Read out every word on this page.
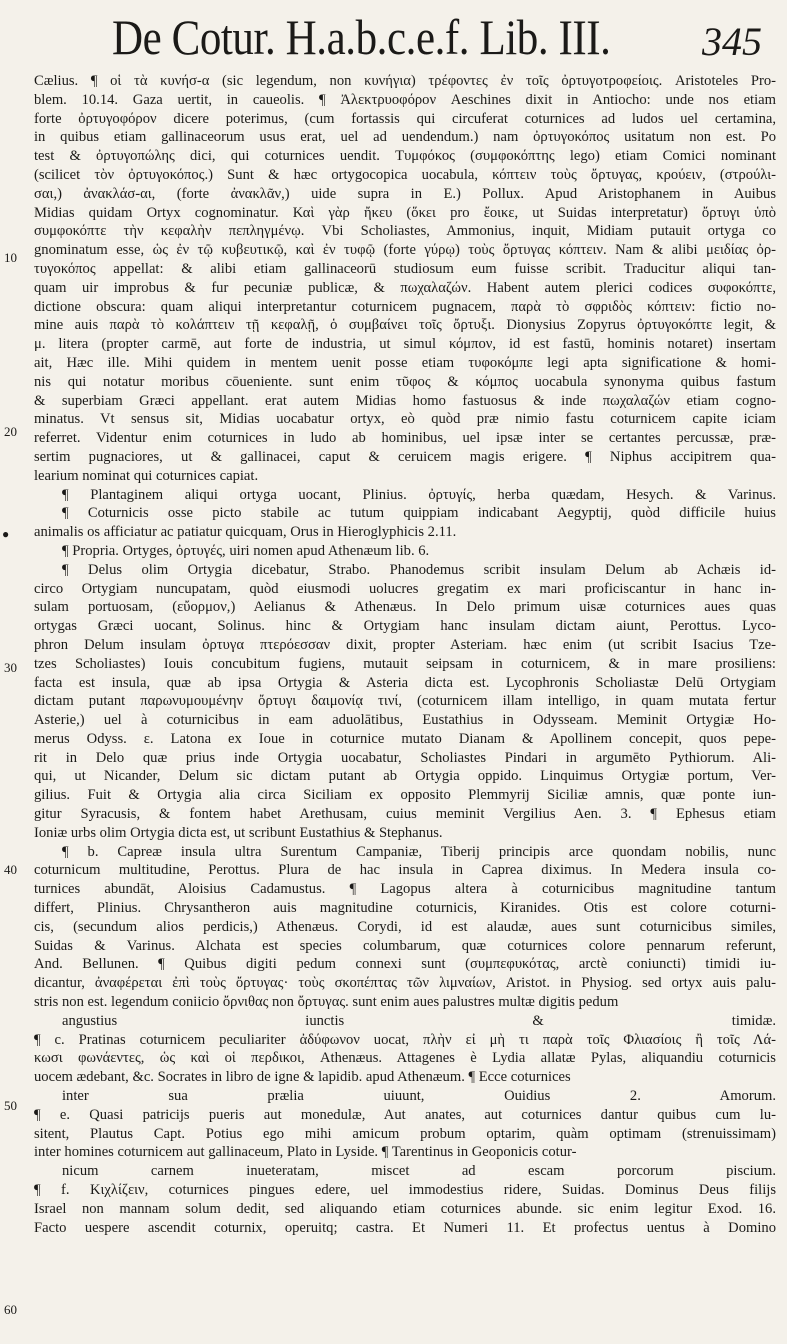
De Cotur. H.a.b.c.e.f. Lib. III. 345
10
20
30
40
50
60
●
Cælius. ¶ οἱ τὰ κυνήσ-α (sic legendum, non κυνήγια) τρέφοντες ἐν τοῖς ὀρτυγοτροφείοις. Aristoteles Pro-
blem. 10.14. Gaza uertit, in caueolis. ¶ Ἀλεκτρυοφόρον Aeschines dixit in Antiocho: unde nos etiam
forte ὀρτυγοφόρον dicere poterimus, (cum fortassis qui circuferat coturnices ad ludos uel certamina,
in quibus etiam gallinaceorum usus erat, uel ad uendendum.) nam ὀρτυγοκόπος usitatum non est. Po
test & ὀρτυγοπώλης dici, qui coturnices uendit. Τυμφόκος (συμφοκόπτης lego) etiam Comici nominant
(scilicet τὸν ὀρτυγοκόπος.) Sunt & hæc ortygocopica uocabula, κόπτειν τοὺς ὄρτυγας, κρούειν, (στρούλι-
σαι,) ἀνακλάσ-αι, (forte ἀνακλᾶν,) uide supra in E.) Pollux. Apud Aristophanem in Auibus
Midias quidam Ortyx cognominatur. Καὶ γὰρ ἤκευ (ὅκει pro ἔοικε, ut Suidas interpretatur) ὄρτυγι ὑπὸ
συμφοκόπτε τὴν κεφαλὴν πεπληγμένῳ. Vbi Scholiastes, Ammonius, inquit, Midiam putauit ortyga co
gnominatum esse, ὡς ἐν τῷ κυβευτικῷ, καὶ ἐν τυφῷ (forte γύρῳ) τοὺς ὄρτυγας κόπτειν. Nam & alibi μειδίας ὀρ-
τυγοκόπος appellat: & alibi etiam gallinaceorū studiosum eum fuisse scribit. Traducitur aliqui tan-
quam uir improbus & fur pecuniæ publicæ, & πωχαλαζών. Habent autem plerici codices συφοκόπτε,
dictione obscura: quam aliqui interpretantur coturnicem pugnacem, παρὰ τὸ σφριδὸς κόπτειν: fictio no-
mine auis παρὰ τὸ κολάπτειν τῇ κεφαλῇ, ὁ συμβαίνει τοῖς ὄρτυξι. Dionysius Zopyrus ὀρτυγοκόπτε legit, &
μ. litera (propter carmē, aut forte de industria, ut simul κόμπον, id est fastū, hominis notaret) insertam
ait, Hæc ille. Mihi quidem in mentem uenit posse etiam τυφοκόμπε legi apta significatione & homi-
nis qui notatur moribus cōueniente. sunt enim τῦφος & κόμπος uocabula synonyma quibus fastum
& superbiam Græci appellant. erat autem Midias homo fastuosus & inde πωχαλαζών etiam cogno-
minatus. Vt sensus sit, Midias uocabatur ortyx, eò quòd præ nimio fastu coturnicem capite iciam
referret. Videntur enim coturnices in ludo ab hominibus, uel ipsæ inter se certantes percussæ, præ-
sertim pugnaciores, ut & gallinacei, caput & ceruicem magis erigere. ¶ Niphus accipitrem qua-
learium nominat qui coturnices capiat.
¶ Plantaginem aliqui ortyga uocant, Plinius. ὀρτυγίς, herba quædam, Hesych. & Varinus.
¶ Coturnicis osse picto stabile ac tutum quippiam indicabant Aegyptij, quòd difficile huius
animalis os afficiatur ac patiatur quicquam, Orus in Hieroglyphicis 2.11.
¶ Propria. Ortyges, ὀρτυγές, uiri nomen apud Athenæum lib. 6.
¶ Delus olim Ortygia dicebatur, Strabo. Phanodemus scribit insulam Delum ab Achæis id-
circo Ortygiam nuncupatam, quòd eiusmodi uolucres gregatim ex mari proficiscantur in hanc in-
sulam portuosam, (εὔορμον,) Aelianus & Athenæus. In Delo primum uisæ coturnices aues quas
ortygas Græci uocant, Solinus. hinc & Ortygiam hanc insulam dictam aiunt, Perottus. Lyco-
phron Delum insulam ὀρτυγα πτερόεσσαν dixit, propter Asteriam. hæc enim (ut scribit Isacius Tze-
tzes Scholiastes) Iouis concubitum fugiens, mutauit seipsam in coturnicem, & in mare prosiliens:
facta est insula, quæ ab ipsa Ortygia & Asteria dicta est. Lycophronis Scholiastæ Delū Ortygiam
dictam putant παρωνυμουμένην ὄρτυγι δαιμονίᾳ τινί, (coturnicem illam intelligo, in quam mutata fertur
Asterie,) uel à coturnicibus in eam aduolātibus, Eustathius in Odysseam. Meminit Ortygiæ Ho-
merus Odyss. ε. Latona ex Ioue in coturnice mutato Dianam & Apollinem concepit, quos pepe-
rit in Delo quæ prius inde Ortygia uocabatur, Scholiastes Pindari in argumēto Pythiorum. Ali-
qui, ut Nicander, Delum sic dictam putant ab Ortygia oppido. Linquimus Ortygiæ portum, Ver-
gilius. Fuit & Ortygia alia circa Siciliam ex opposito Plemmyrij Siciliæ amnis, quæ ponte iun-
gitur Syracusis, & fontem habet Arethusam, cuius meminit Vergilius Aen. 3. ¶ Ephesus etiam
Ioniæ urbs olim Ortygia dicta est, ut scribunt Eustathius & Stephanus.
¶ b. Capreæ insula ultra Surentum Campaniæ, Tiberij principis arce quondam nobilis, nunc
coturnicum multitudine, Perottus. Plura de hac insula in Caprea diximus. In Medera insula co-
turnices abundāt, Aloisius Cadamustus. ¶ Lagopus altera à coturnicibus magnitudine tantum
differt, Plinius. Chrysantheron auis magnitudine coturnicis, Kiranides. Otis est colore coturni-
cis, (secundum alios perdicis,) Athenæus. Corydi, id est alaudæ, aues sunt coturnicibus similes,
Suidas & Varinus. Alchata est species columbarum, quæ coturnices colore pennarum referunt,
And. Bellunen. ¶ Quibus digiti pedum connexi sunt (συμπεφυκότας, arctè coniuncti) timidi iu-
dicantur, ἀναφέρεται ἐπὶ τοὺς ὄρτυγας· τοὺς σκοπέπτας τῶν λιμναίων, Aristot. in Physiog. sed ortyx auis palu-
stris non est. legendum coniicio ὄρνιθας non ὄρτυγας. sunt enim aues palustres multæ digitis pedum
angustius iunctis & timidæ.
¶ c. Pratinas coturnicem peculiariter ἀδύφωνον uocat, πλὴν εἰ μὴ τι παρὰ τοῖς Φλιασίοις ἢ τοῖς Λά-
κωσι φωνάεντες, ὡς καὶ οἱ περδικοι, Athenæus. Attagenes è Lydia allatæ Pylas, aliquandiu coturnicis
uocem ædebant, &c. Socrates in libro de igne & lapidib. apud Athenæum. ¶ Ecce coturnices
inter sua prælia uiuunt, Ouidius 2. Amorum.
¶ e. Quasi patricijs pueris aut monedulæ, Aut anates, aut coturnices dantur quibus cum lu-
sitent, Plautus Capt. Potius ego mihi amicum probum optarim, quàm optimam (strenuissimam)
inter homines coturnicem aut gallinaceum, Plato in Lyside. ¶ Tarentinus in Geoponicis cotur-
nicum carnem inueteratam, miscet ad escam porcorum piscium.
¶ f. Κιχλίζειν, coturnices pingues edere, uel immodestius ridere, Suidas. Dominus Deus filijs
Israel non mannam solum dedit, sed aliquando etiam coturnices abunde. sic enim legitur Exod. 16.
Facto uespere ascendit coturnix, operuitq; castra. Et Numeri 11. Et profectus uentus à Domino
